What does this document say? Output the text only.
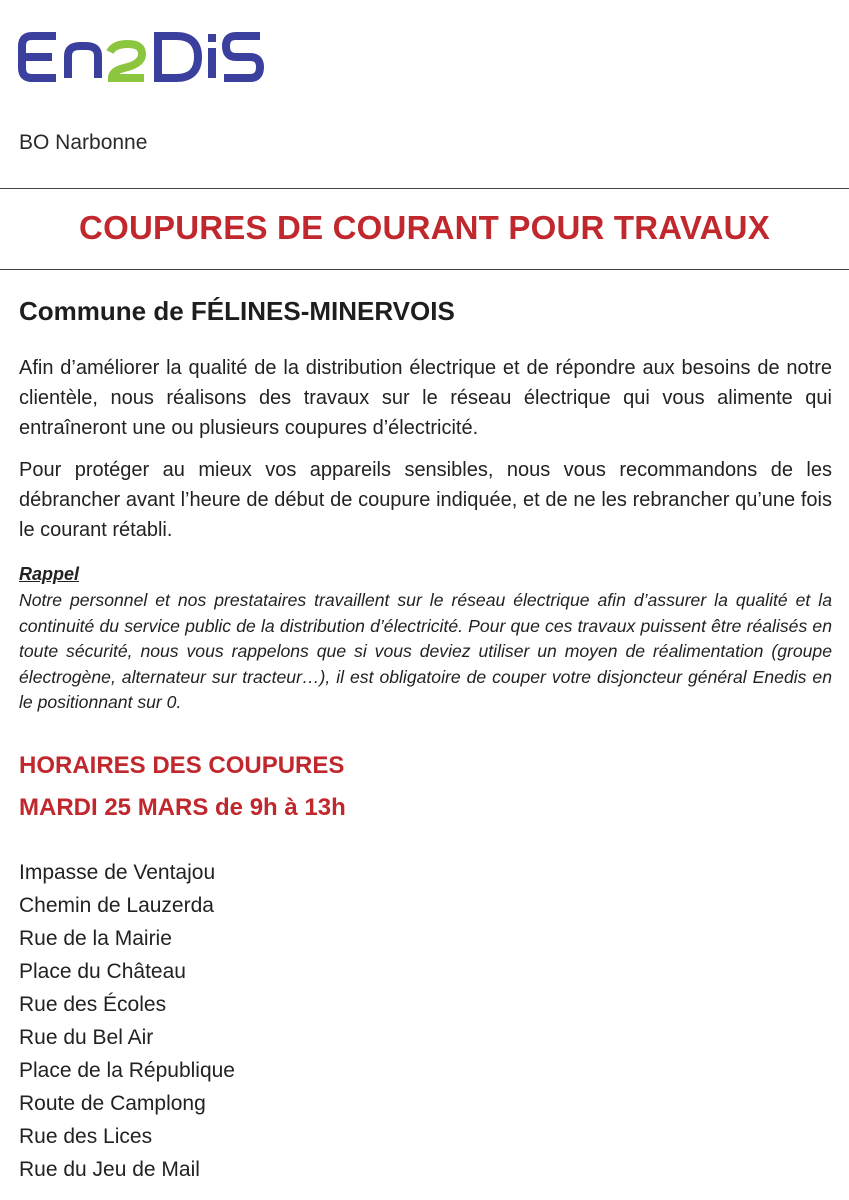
BO Narbonne
COUPURES DE COURANT POUR TRAVAUX
Commune de FÉLINES-MINERVOIS

Afin d’améliorer la qualité de la distribution électrique et de répondre aux besoins de notre clientèle, nous réalisons des travaux sur le réseau électrique qui vous alimente qui entraîneront une ou plusieurs coupures d’électricité.

Pour protéger au mieux vos appareils sensibles, nous vous recommandons de les débrancher avant l’heure de début de coupure indiquée, et de ne les rebrancher qu’une fois le courant rétabli.

Rappel

Notre personnel et nos prestataires travaillent sur le réseau électrique afin d’assurer la qualité et la continuité du service public de la distribution d’électricité. Pour que ces travaux puissent être réalisés en toute sécurité, nous vous rappelons que si vous deviez utiliser un moyen de réalimentation (groupe électrogène, alternateur sur tracteur…), il est obligatoire de couper votre disjoncteur général Enedis en le positionnant sur 0.

HORAIRES DES COUPURES
MARDI 25 MARS de 9h à 13h
Impasse de Ventajou
Chemin de Lauzerda
Rue de la Mairie
Place du Château
Rue des Écoles
Rue du Bel Air
Place de la République
Route de Camplong
Rue des Lices
Rue du Jeu de Mail
